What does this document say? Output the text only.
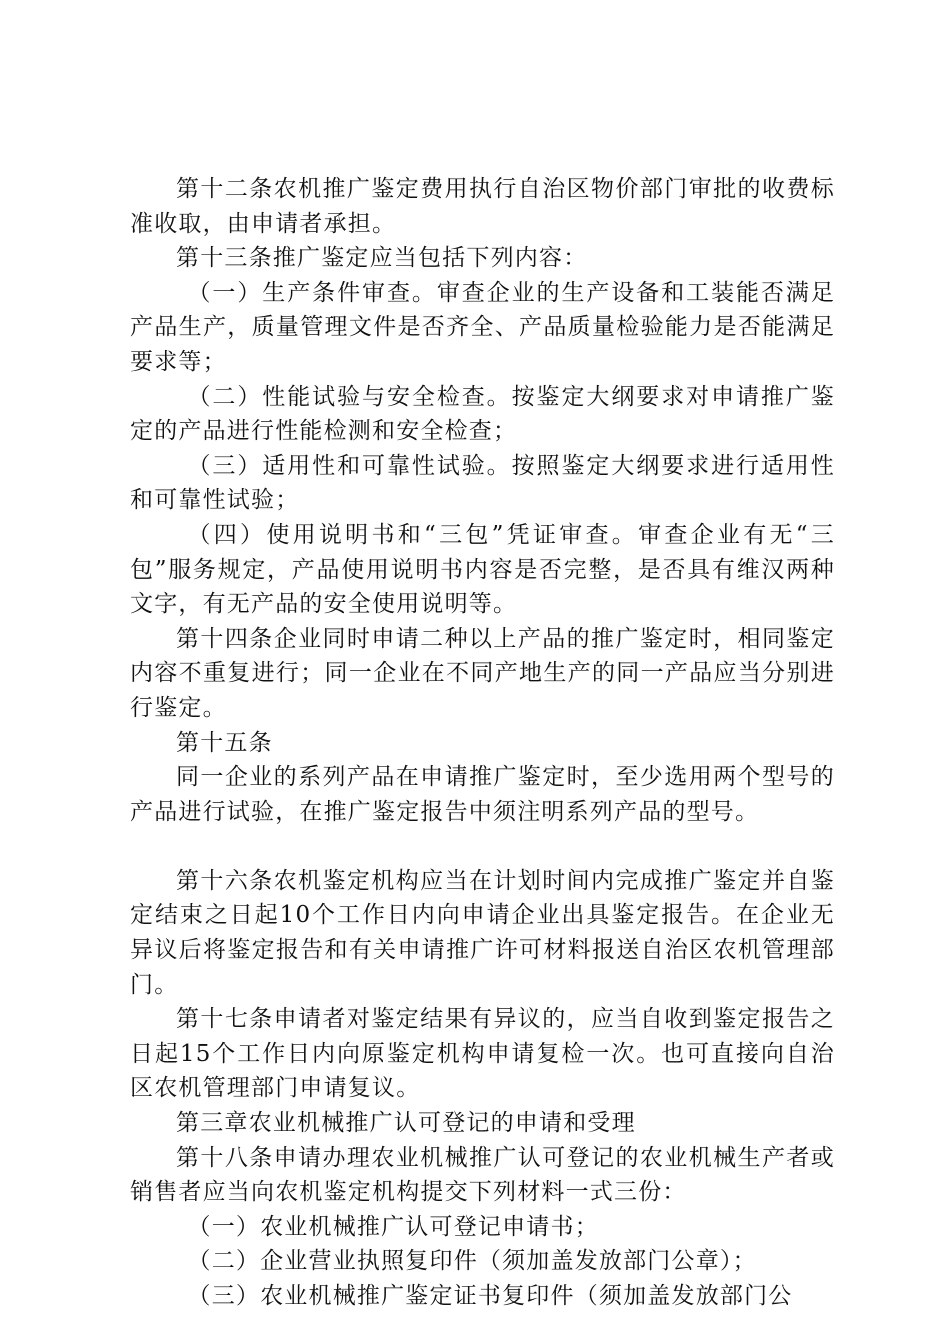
第十二条农机推广鉴定费用执行自治区物价部门审批的收费标准收取，由申请者承担。

第十三条推广鉴定应当包括下列内容：

（一）生产条件审查。审查企业的生产设备和工装能否满足产品生产，质量管理文件是否齐全、产品质量检验能力是否能满足要求等；

（二）性能试验与安全检查。按鉴定大纲要求对申请推广鉴定的产品进行性能检测和安全检查；

（三）适用性和可靠性试验。按照鉴定大纲要求进行适用性和可靠性试验；

（四）使用说明书和“三包”凭证审查。审查企业有无“三包”服务规定，产品使用说明书内容是否完整，是否具有维汉两种文字，有无产品的安全使用说明等。

第十四条企业同时申请二种以上产品的推广鉴定时，相同鉴定内容不重复进行；同一企业在不同产地生产的同一产品应当分别进行鉴定。

第十五条

同一企业的系列产品在申请推广鉴定时，至少选用两个型号的产品进行试验，在推广鉴定报告中须注明系列产品的型号。

第十六条农机鉴定机构应当在计划时间内完成推广鉴定并自鉴定结束之日起10个工作日内向申请企业出具鉴定报告。在企业无异议后将鉴定报告和有关申请推广许可材料报送自治区农机管理部门。

第十七条申请者对鉴定结果有异议的，应当自收到鉴定报告之日起15个工作日内向原鉴定机构申请复检一次。也可直接向自治区农机管理部门申请复议。

第三章农业机械推广认可登记的申请和受理

第十八条申请办理农业机械推广认可登记的农业机械生产者或销售者应当向农机鉴定机构提交下列材料一式三份：

（一）农业机械推广认可登记申请书；

（二）企业营业执照复印件（须加盖发放部门公章）；

（三）农业机械推广鉴定证书复印件（须加盖发放部门公
